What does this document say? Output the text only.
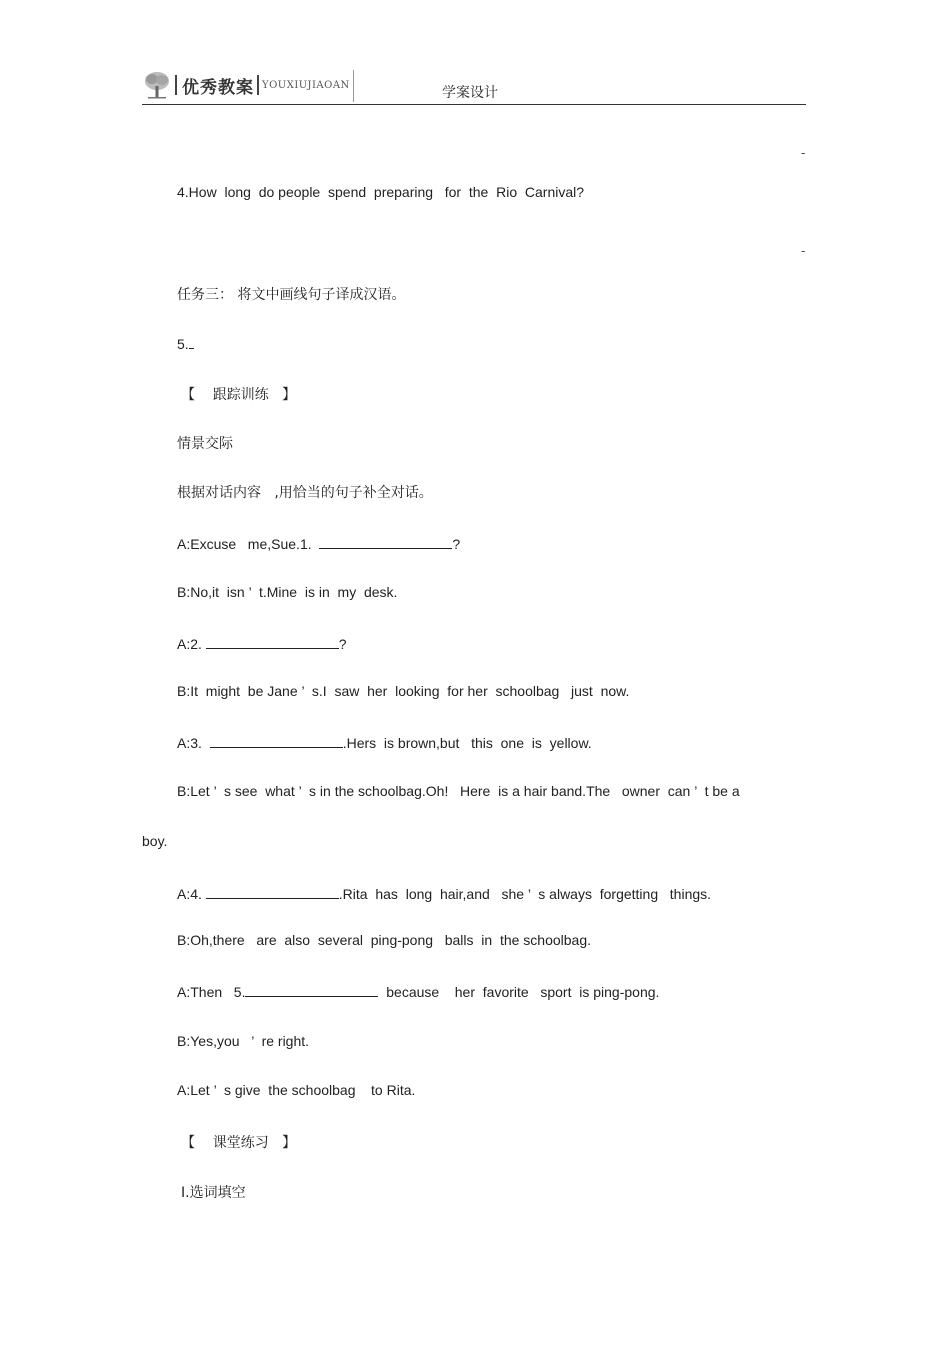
优秀教案 YOUXIUJIAOAN	学案设计
-
4.How  long  do people  spend  preparing   for  the  Rio  Carnival?
-
任务三： 将文中画线句子译成汉语。
5.
【    跟踪训练   】
情景交际
根据对话内容   ,用恰当的句子补全对话。
A:Excuse   me,Sue.1.	?
B:No,it  isn ’  t.Mine  is in  my  desk.
A:2.	?
B:It  might  be Jane ’  s.I  saw  her  looking  for her  schoolbag   just  now.
A:3.	.Hers  is brown,but   this  one  is  yellow.
B:Let ’  s see  what ’  s in the schoolbag.Oh!   Here  is a hair band.The   owner  can ’  t be a
boy.
A:4.	.Rita  has  long  hair,and   she ’  s always  forgetting   things.
B:Oh,there   are  also  several  ping-pong   balls  in  the schoolbag.
A:Then   5.	because    her  favorite   sport  is ping-pong.
B:Yes,you   ’  re right.
A:Let ’  s give  the schoolbag    to Rita.
【    课堂练习   】
Ⅰ.选词填空
